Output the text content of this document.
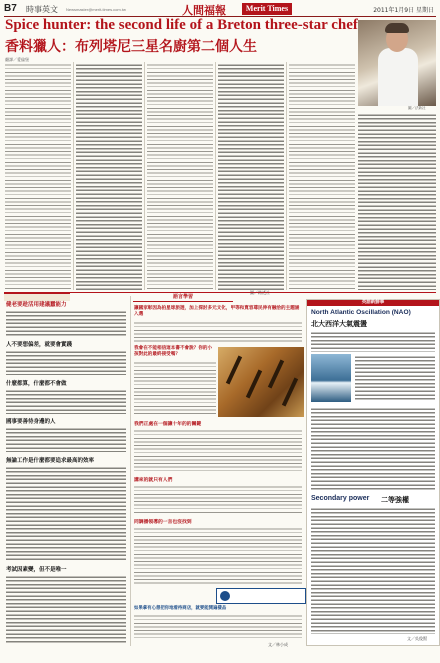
B7 時事英文 Newsmaster@merit-times.com.tw	人間福報	Merit Times	2011年1月9日 星期日
Spice hunter: the second life of a Breton three-star chef
香料獵人：布列塔尼三星名廚第二個人生
翻譯／愛倫堡
圖／法新社
圖／路透社
健老要趁活用建議蠶能力
人不要想偏差，就要會實踐
什麼都算，什麼都不會做
國事要善待身邊的人
無論工作是什麼都要追求最高的效率
考試因素變，但不是唯一
語言學習
讓國家彰因為拍星球旅遊，加上探討多元文化，甲等和寬容尊民伸有融洽的主題涵入選
我會在不能相信這本書不會說？你的小孩對此的最終接受嗎？
我們正處在一個讓十年的的關鍵
講來的就只有人們
同調播領導的一言也沒找到
如果拿有心想把你地看待商店，就要能開遍樣品
文／林小成
英語新鮮事
North Atlantic Oscillation (NAO)
北大西洋大氣震盪
Secondary power 二等強權
文／吳俊賢
